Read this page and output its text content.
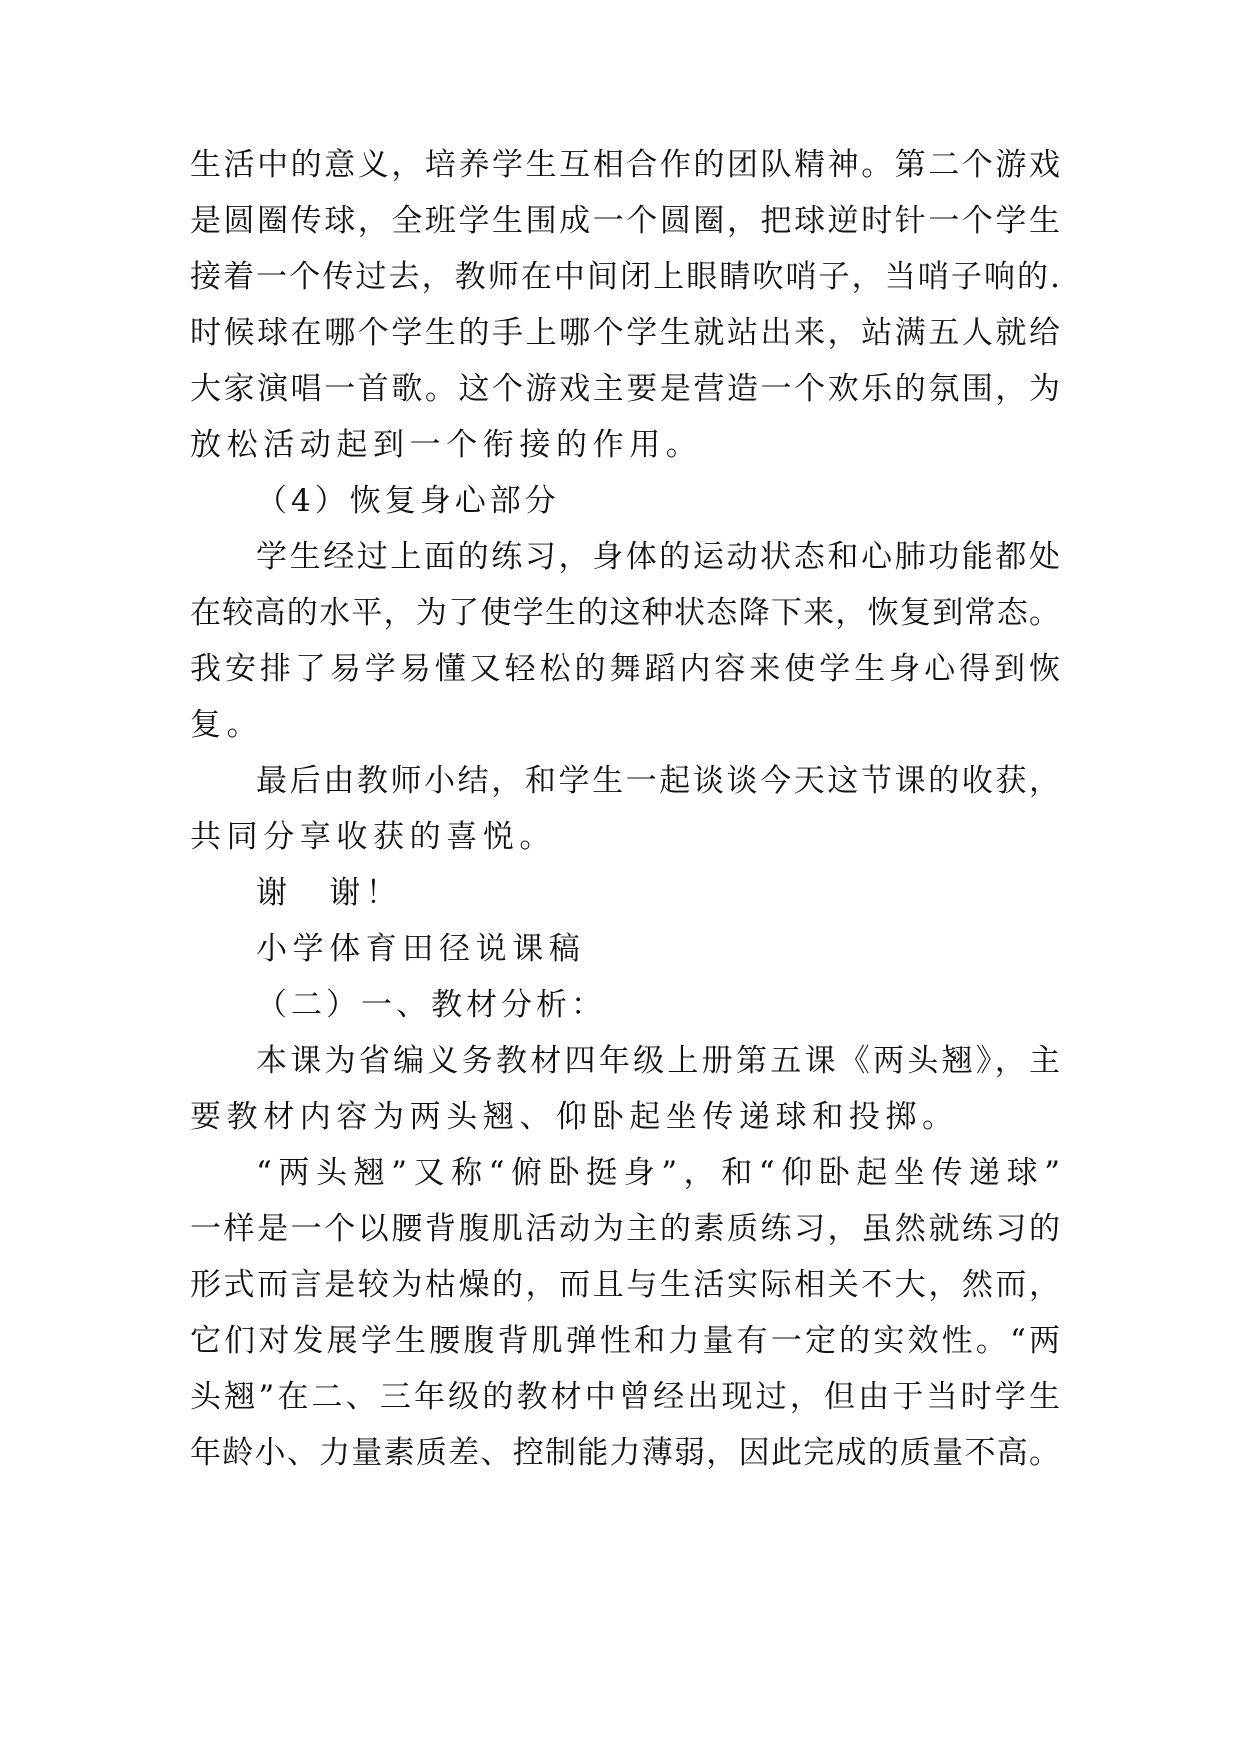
生活中的意义，培养学生互相合作的团队精神。第二个游戏
是圆圈传球，全班学生围成一个圆圈，把球逆时针一个学生
接着一个传过去，教师在中间闭上眼睛吹哨子，当哨子响的.
时候球在哪个学生的手上哪个学生就站出来，站满五人就给
大家演唱一首歌。这个游戏主要是营造一个欢乐的氛围，为
放松活动起到一个衔接的作用。
（4）恢复身心部分
学生经过上面的练习，身体的运动状态和心肺功能都处
在较高的水平，为了使学生的这种状态降下来，恢复到常态。
我安排了易学易懂又轻松的舞蹈内容来使学生身心得到恢
复。
最后由教师小结，和学生一起谈谈今天这节课的收获，
共同分享收获的喜悦。
谢　谢！
小学体育田径说课稿
（二）一、教材分析：
本课为省编义务教材四年级上册第五课《两头翘》，主
要教材内容为两头翘、仰卧起坐传递球和投掷。
“两头翘”又称“俯卧挺身”，和“仰卧起坐传递球”
一样是一个以腰背腹肌活动为主的素质练习，虽然就练习的
形式而言是较为枯燥的，而且与生活实际相关不大，然而，
它们对发展学生腰腹背肌弹性和力量有一定的实效性。“两
头翘”在二、三年级的教材中曾经出现过，但由于当时学生
年龄小、力量素质差、控制能力薄弱，因此完成的质量不高。
